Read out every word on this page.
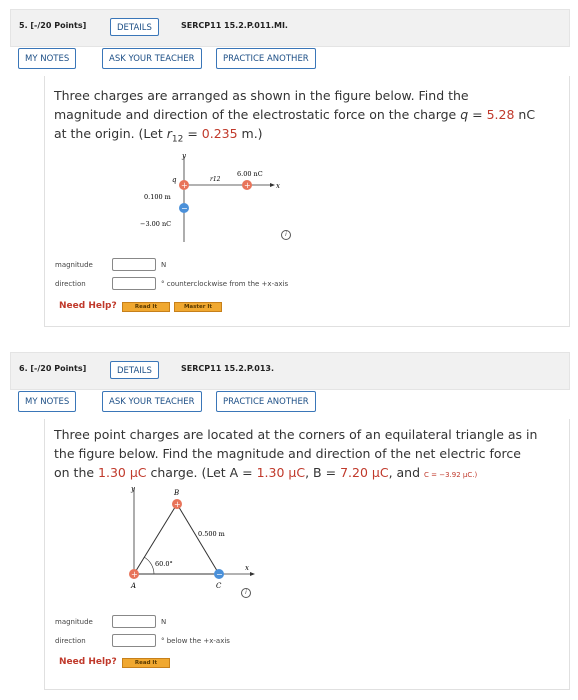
5. [-/20 Points]	DETAILS	SERCP11 15.2.P.011.MI.
MY NOTES	ASK YOUR TEACHER	PRACTICE ANOTHER
Three charges are arranged as shown in the figure below. Find the
magnitude and direction of the electrostatic force on the charge q = 5.28 nC
at the origin. (Let $r_{12} = 0.235$ m.)
y
x
+
q
+
r12
6.00 nC
−
0.100 m
−3.00 nC
i
magnitude	N
direction	° counterclockwise from the +x-axis
Need Help?	Read It	Master It
6. [-/20 Points]	DETAILS	SERCP11 15.2.P.013.
MY NOTES	ASK YOUR TEACHER	PRACTICE ANOTHER
Three point charges are located at the corners of an equilateral triangle as in
the figure below. Find the magnitude and direction of the net electric force
on the 1.30 μC charge. (Let A = 1.30 μC, B = 7.20 μC, and C = −3.92 μC.)
y
x
60.0°
0.500 m
+
B
+
A
−
C
i
magnitude	N
direction	° below the +x-axis
Need Help?	Read It
